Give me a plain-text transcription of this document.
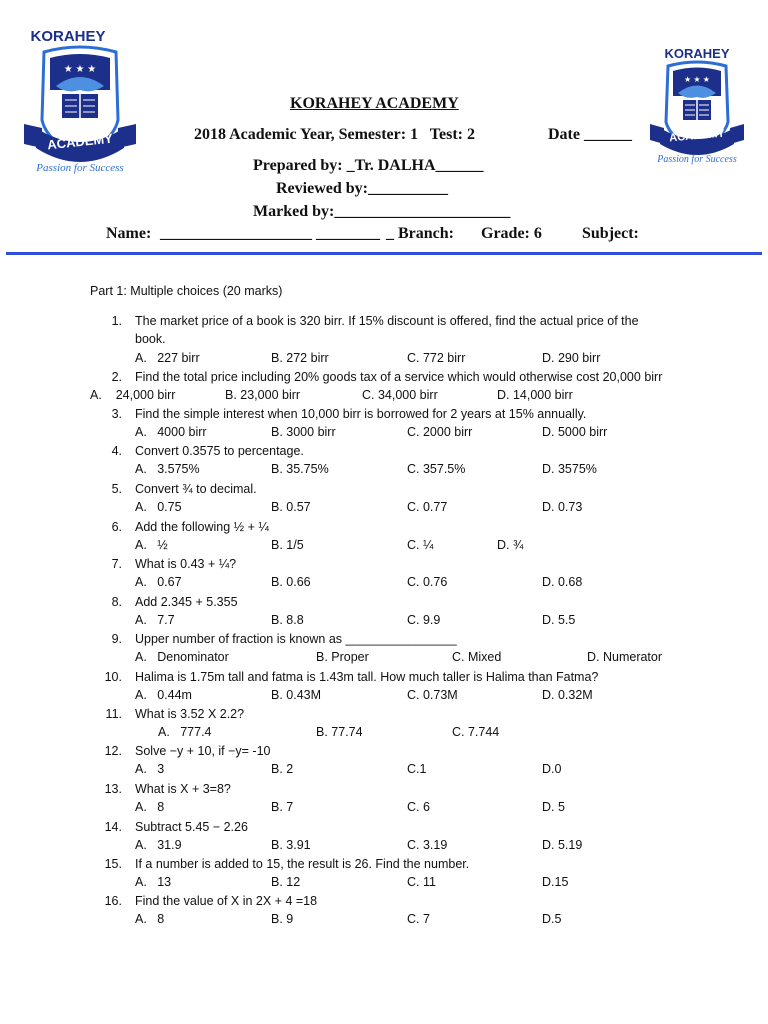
KORAHEY
★ ★ ★
ACADEMY
Passion for Success
KORAHEY
★ ★ ★
ACADEMY
Passion for Success
KORAHEY ACADEMY
2018 Academic Year, Semester: 1   Test: 2	Date ______
Prepared by: _Tr. DALHA______
Reviewed by:__________
Marked by:______________________
Name: ___________________ ________ _ Branch: Grade: 6	Subject:
Part 1: Multiple choices (20 marks)
1. The market price of a book is 320 birr. If 15% discount is offered, find the actual price of the
book.
A.   227 birr	B. 272 birr	C. 772 birr	D. 290 birr
2. Find the total price including 20% goods tax of a service which would otherwise cost 20,000 birr
A.    24,000 birr	B. 23,000 birr	C. 34,000 birr	D. 14,000 birr
3. Find the simple interest when 10,000 birr is borrowed for 2 years at 15% annually.
A.   4000 birr	B. 3000 birr	C. 2000 birr	D. 5000 birr
4. Convert 0.3575 to percentage.
A.   3.575%	B. 35.75%	C. 357.5%	D. 3575%
5. Convert ¾ to decimal.
A.   0.75	B. 0.57	C. 0.77	D. 0.73
6. Add the following ½ + ¼
A.   ½	B. 1/5	C. ¼	D. ¾
7. What is 0.43 + ¼?
A.   0.67	B. 0.66	C. 0.76	D. 0.68
8. Add 2.345 + 5.355
A.   7.7	B. 8.8	C. 9.9	D. 5.5
9. Upper number of fraction is known as ________________
A.   Denominator	B. Proper	C. Mixed	D. Numerator
10. Halima is 1.75m tall and fatma is 1.43m tall. How much taller is Halima than Fatma?
A.   0.44m	B. 0.43M	C. 0.73M	D. 0.32M
11. What is 3.52 X 2.2?
A.   777.4	B. 77.74	C. 7.744
12. Solve −y + 10, if −y= -10
A.   3	B. 2	C.1	D.0
13. What is X + 3=8?
A.   8	B. 7	C. 6	D. 5
14. Subtract 5.45 − 2.26
A.   31.9	B. 3.91	C. 3.19	D. 5.19
15. If a number is added to 15, the result is 26. Find the number.
A.   13	B. 12	C. 11	D.15
16. Find the value of X in 2X + 4 =18
A.   8	B. 9	C. 7	D.5
